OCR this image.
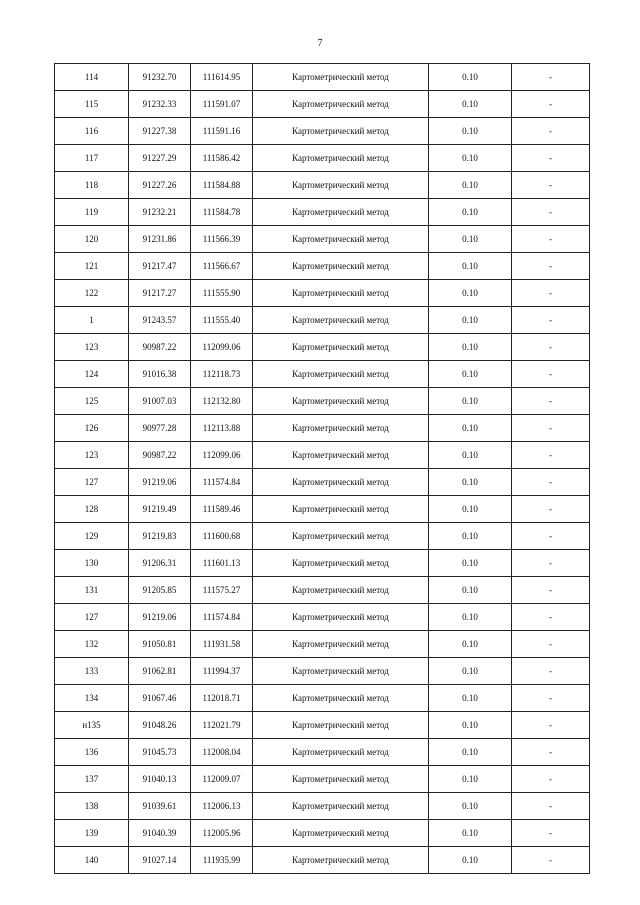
7
114	91232.70	111614.95	Картометрический метод	0.10	-
115	91232.33	111591.07	Картометрический метод	0.10	-
116	91227.38	111591.16	Картометрический метод	0.10	-
117	91227.29	111586.42	Картометрический метод	0.10	-
118	91227.26	111584.88	Картометрический метод	0.10	-
119	91232.21	111584.78	Картометрический метод	0.10	-
120	91231.86	111566.39	Картометрический метод	0.10	-
121	91217.47	111566.67	Картометрический метод	0.10	-
122	91217.27	111555.90	Картометрический метод	0.10	-
1	91243.57	111555.40	Картометрический метод	0.10	-
123	90987.22	112099.06	Картометрический метод	0.10	-
124	91016.38	112118.73	Картометрический метод	0.10	-
125	91007.03	112132.80	Картометрический метод	0.10	-
126	90977.28	112113.88	Картометрический метод	0.10	-
123	90987.22	112099.06	Картометрический метод	0.10	-
127	91219.06	111574.84	Картометрический метод	0.10	-
128	91219.49	111589.46	Картометрический метод	0.10	-
129	91219.83	111600.68	Картометрический метод	0.10	-
130	91206.31	111601.13	Картометрический метод	0.10	-
131	91205.85	111575.27	Картометрический метод	0.10	-
127	91219.06	111574.84	Картометрический метод	0.10	-
132	91050.81	111931.58	Картометрический метод	0.10	-
133	91062.81	111994.37	Картометрический метод	0.10	-
134	91067.46	112018.71	Картометрический метод	0.10	-
н135	91048.26	112021.79	Картометрический метод	0.10	-
136	91045.73	112008.04	Картометрический метод	0.10	-
137	91040.13	112009.07	Картометрический метод	0.10	-
138	91039.61	112006.13	Картометрический метод	0.10	-
139	91040.39	112005.96	Картометрический метод	0.10	-
140	91027.14	111935.99	Картометрический метод	0.10	-
